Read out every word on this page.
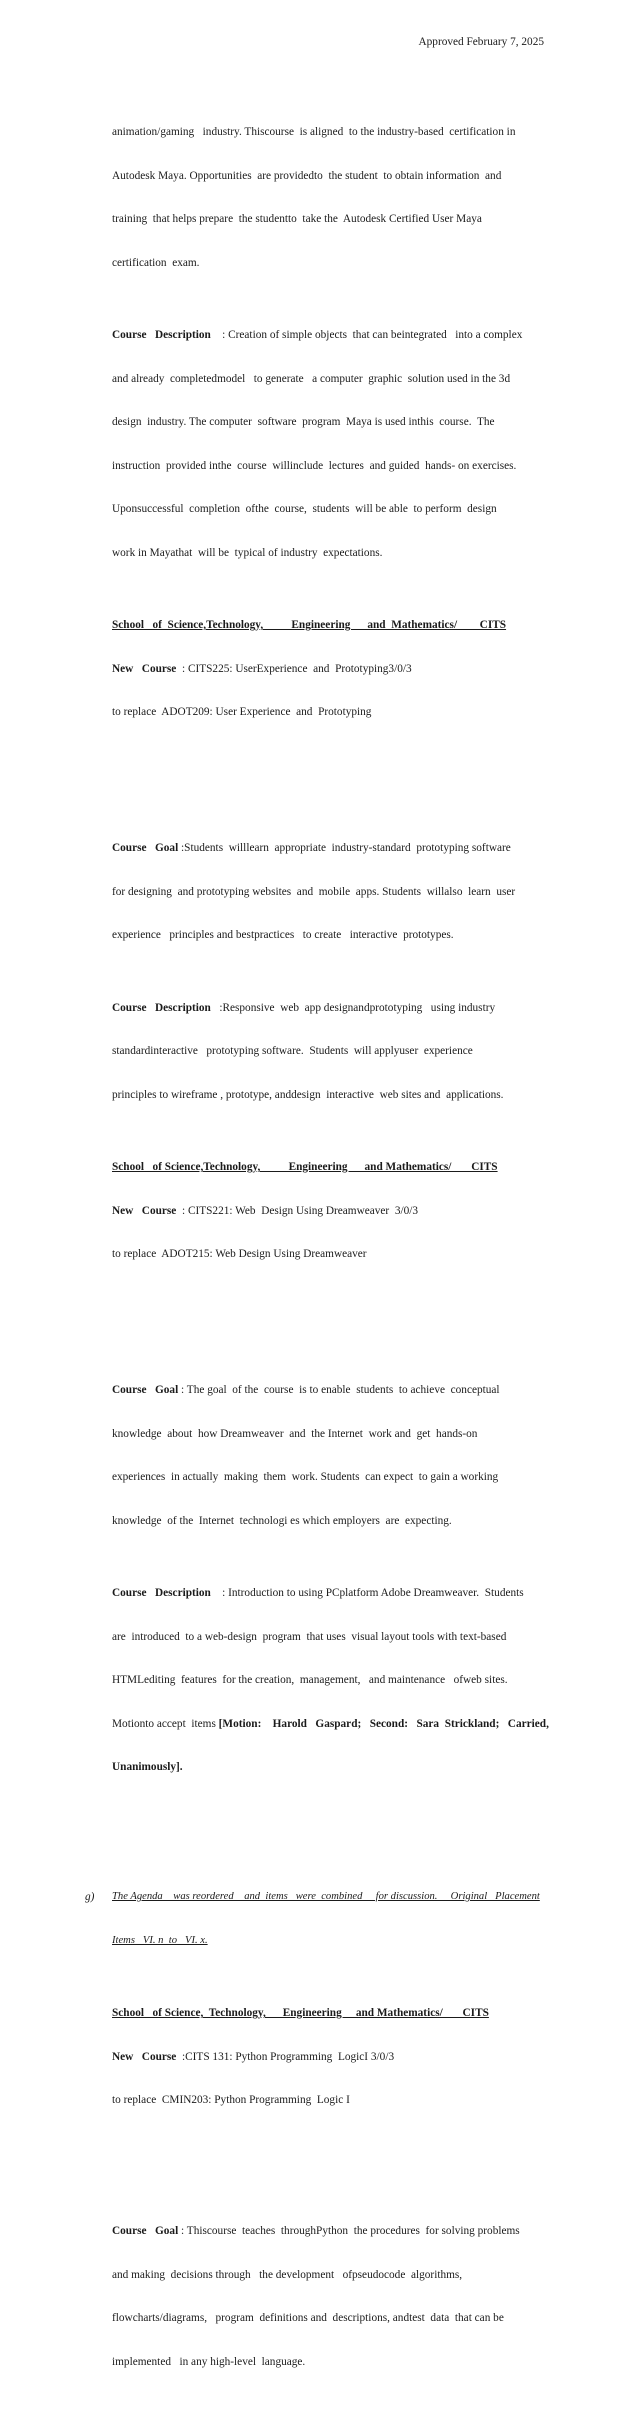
Approved February 7, 2025

animation/gaming   industry. Thiscourse  is aligned  to the industry-based  certification in

Autodesk Maya. Opportunities  are providedto  the student  to obtain information  and

training  that helps prepare  the studentto  take the  Autodesk Certified User Maya

certification  exam.

Course   Description    : Creation of simple objects  that can beintegrated   into a complex

and already  completedmodel   to generate   a computer  graphic  solution used in the 3d

design  industry. The computer  software  program  Maya is used inthis  course.  The

instruction  provided inthe  course  willinclude  lectures  and guided  hands- on exercises.

Uponsuccessful  completion  ofthe  course,  students  will be able  to perform  design

work in Mayathat  will be  typical of industry  expectations.

School   of  Science,Technology,          Engineering      and  Mathematics/        CITS

New   Course  : CITS225: UserExperience  and  Prototyping3/0/3

to replace  ADOT209: User Experience  and  Prototyping

Course   Goal :Students  willlearn  appropriate  industry-standard  prototyping software

for designing  and prototyping websites  and  mobile  apps. Students  willalso  learn  user

experience   principles and bestpractices   to create   interactive  prototypes.

Course   Description   :Responsive  web  app designandprototyping   using industry

standardinteractive   prototyping software.  Students  will applyuser  experience

principles to wireframe , prototype, anddesign  interactive  web sites and  applications.

School   of Science,Technology,          Engineering      and Mathematics/       CITS

New   Course  : CITS221: Web  Design Using Dreamweaver  3/0/3

to replace  ADOT215: Web Design Using Dreamweaver

Course   Goal : The goal  of the  course  is to enable  students  to achieve  conceptual

knowledge  about  how Dreamweaver  and  the Internet  work and  get  hands-on

experiences  in actually  making  them  work. Students  can expect  to gain a working

knowledge  of the  Internet  technologi es which employers  are  expecting.

Course   Description    : Introduction to using PCplatform Adobe Dreamweaver.  Students

are  introduced  to a web-design  program  that uses  visual layout tools with text-based

HTMLediting  features  for the creation,  management,   and maintenance   ofweb sites.

Motionto accept  items [Motion:    Harold   Gaspard;   Second:   Sara  Strickland;   Carried,

Unanimously].

g) The Agenda    was reordered    and  items   were  combined     for discussion.     Original   Placement

Items   VI. n  to   VI. x.

School   of Science,  Technology,      Engineering     and Mathematics/       CITS

New   Course  :CITS 131: Python Programming  LogicI 3/0/3

to replace  CMIN203: Python Programming  Logic I

Course   Goal : Thiscourse  teaches  throughPython  the procedures  for solving problems

and making  decisions through   the development   ofpseudocode  algorithms,

flowcharts/diagrams,   program  definitions and  descriptions, andtest  data  that can be

implemented   in any high-level  language.
